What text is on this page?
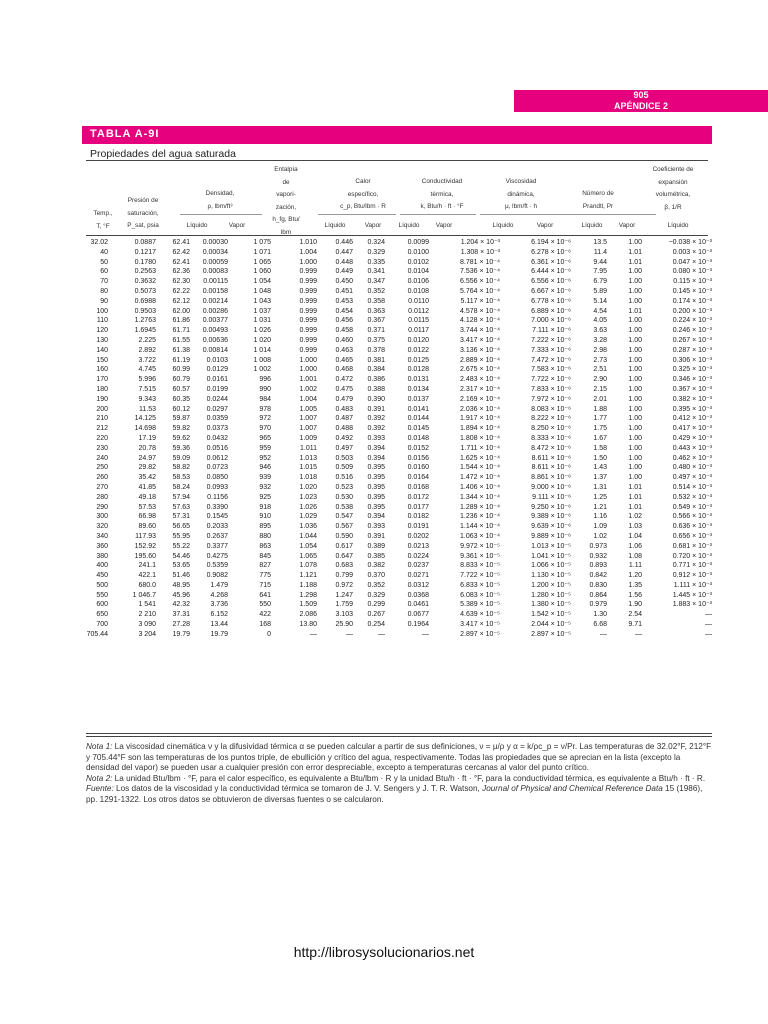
905
APÉNDICE 2
TABLA A-9I
Propiedades del agua saturada
Temp.,
T, °F
Presión de
saturación,
P_sat, psia
Densidad,
ρ, lbm/ft³
Entalpía
de
vapori-
zación,
h_fg, Btu/
lbm
Calor
específico,
c_p, Btu/lbm · R
Conductividad
térmica,
k, Btu/h · ft · °F
Viscosidad
dinámica,
μ, lbm/ft · h
Número de
Prandtl, Pr
Coeficiente de
expansión
volumétrica,
β, 1/R
Líquido	Vapor	Líquido	Vapor	Líquido	Vapor	Líquido	Vapor	Líquido	Vapor	Líquido
32.02	0.0887	62.41	0.00030	1 075	1.010	0.446	0.324	0.0099	1.204 × 10⁻³	6.194 × 10⁻⁶	13.5	1.00	−0.038 × 10⁻³
40	0.1217	62.42	0.00034	1 071	1.004	0.447	0.329	0.0100	1.308 × 10⁻³	6.278 × 10⁻⁶	11.4	1.01	0.003 × 10⁻³
50	0.1780	62.41	0.00059	1 065	1.000	0.448	0.335	0.0102	8.781 × 10⁻⁴	6.361 × 10⁻⁶	9.44	1.01	0.047 × 10⁻³
60	0.2563	62.36	0.00083	1 060	0.999	0.449	0.341	0.0104	7.536 × 10⁻⁴	6.444 × 10⁻⁶	7.95	1.00	0.080 × 10⁻³
70	0.3632	62.30	0.00115	1 054	0.999	0.450	0.347	0.0106	6.556 × 10⁻⁴	6.556 × 10⁻⁶	6.79	1.00	0.115 × 10⁻³
80	0.5073	62.22	0.00158	1 048	0.999	0.451	0.352	0.0108	5.764 × 10⁻⁴	6.667 × 10⁻⁶	5.89	1.00	0.145 × 10⁻³
90	0.6988	62.12	0.00214	1 043	0.999	0.453	0.358	0.0110	5.117 × 10⁻⁴	6.778 × 10⁻⁶	5.14	1.00	0.174 × 10⁻³
100	0.9503	62.00	0.00286	1 037	0.999	0.454	0.363	0.0112	4.578 × 10⁻⁴	6.889 × 10⁻⁶	4.54	1.01	0.200 × 10⁻³
110	1.2763	61.86	0.00377	1 031	0.999	0.456	0.367	0.0115	4.128 × 10⁻⁴	7.000 × 10⁻⁶	4.05	1.00	0.224 × 10⁻³
120	1.6945	61.71	0.00493	1 026	0.999	0.458	0.371	0.0117	3.744 × 10⁻⁴	7.111 × 10⁻⁶	3.63	1.00	0.246 × 10⁻³
130	2.225	61.55	0.00636	1 020	0.999	0.460	0.375	0.0120	3.417 × 10⁻⁴	7.222 × 10⁻⁶	3.28	1.00	0.267 × 10⁻³
140	2.892	61.38	0.00814	1 014	0.999	0.463	0.378	0.0122	3.136 × 10⁻⁴	7.333 × 10⁻⁶	2.98	1.00	0.287 × 10⁻³
150	3.722	61.19	0.0103	1 008	1.000	0.465	0.381	0.0125	2.889 × 10⁻⁴	7.472 × 10⁻⁶	2.73	1.00	0.306 × 10⁻³
160	4.745	60.99	0.0129	1 002	1.000	0.468	0.384	0.0128	2.675 × 10⁻⁴	7.583 × 10⁻⁶	2.51	1.00	0.325 × 10⁻³
170	5.996	60.79	0.0161	996	1.001	0.472	0.386	0.0131	2.483 × 10⁻⁴	7.722 × 10⁻⁶	2.90	1.00	0.346 × 10⁻³
180	7.515	60.57	0.0199	990	1.002	0.475	0.388	0.0134	2.317 × 10⁻⁴	7.833 × 10⁻⁶	2.15	1.00	0.367 × 10⁻³
190	9.343	60.35	0.0244	984	1.004	0.479	0.390	0.0137	2.169 × 10⁻⁴	7.972 × 10⁻⁶	2.01	1.00	0.382 × 10⁻³
200	11.53	60.12	0.0297	978	1.005	0.483	0.391	0.0141	2.036 × 10⁻⁴	8.083 × 10⁻⁶	1.88	1.00	0.395 × 10⁻³
210	14.125	59.87	0.0359	972	1.007	0.487	0.392	0.0144	1.917 × 10⁻⁴	8.222 × 10⁻⁶	1.77	1.00	0.412 × 10⁻³
212	14.698	59.82	0.0373	970	1.007	0.488	0.392	0.0145	1.894 × 10⁻⁴	8.250 × 10⁻⁶	1.75	1.00	0.417 × 10⁻³
220	17.19	59.62	0.0432	965	1.009	0.492	0.393	0.0148	1.808 × 10⁻⁴	8.333 × 10⁻⁶	1.67	1.00	0.429 × 10⁻³
230	20.78	59.36	0.0516	959	1.011	0.497	0.394	0.0152	1.711 × 10⁻⁴	8.472 × 10⁻⁶	1.58	1.00	0.443 × 10⁻³
240	24.97	59.09	0.0612	952	1.013	0.503	0.394	0.0156	1.625 × 10⁻⁴	8.611 × 10⁻⁶	1.50	1.00	0.462 × 10⁻³
250	29.82	58.82	0.0723	946	1.015	0.509	0.395	0.0160	1.544 × 10⁻⁴	8.611 × 10⁻⁶	1.43	1.00	0.480 × 10⁻³
260	35.42	58.53	0.0850	939	1.018	0.516	0.395	0.0164	1.472 × 10⁻⁴	8.861 × 10⁻⁶	1.37	1.00	0.497 × 10⁻³
270	41.85	58.24	0.0993	932	1.020	0.523	0.395	0.0168	1.406 × 10⁻⁴	9.000 × 10⁻⁶	1.31	1.01	0.514 × 10⁻³
280	49.18	57.94	0.1156	925	1.023	0.530	0.395	0.0172	1.344 × 10⁻⁴	9.111 × 10⁻⁶	1.25	1.01	0.532 × 10⁻³
290	57.53	57.63	0.3390	918	1.026	0.538	0.395	0.0177	1.289 × 10⁻⁴	9.250 × 10⁻⁶	1.21	1.01	0.549 × 10⁻³
300	66.98	57.31	0.1545	910	1.029	0.547	0.394	0.0182	1.236 × 10⁻⁴	9.389 × 10⁻⁶	1.16	1.02	0.566 × 10⁻³
320	89.60	56.65	0.2033	895	1.036	0.567	0.393	0.0191	1.144 × 10⁻⁴	9.639 × 10⁻⁶	1.09	1.03	0.636 × 10⁻³
340	117.93	55.95	0.2637	880	1.044	0.590	0.391	0.0202	1.063 × 10⁻⁴	9.889 × 10⁻⁶	1.02	1.04	0.656 × 10⁻³
360	152.92	55.22	0.3377	863	1.054	0.617	0.389	0.0213	9.972 × 10⁻⁵	1.013 × 10⁻⁵	0.973	1.06	0.681 × 10⁻³
380	195.60	54.46	0.4275	845	1.065	0.647	0.385	0.0224	9.361 × 10⁻⁵	1.041 × 10⁻⁵	0.932	1.08	0.720 × 10⁻³
400	241.1	53.65	0.5359	827	1.078	0.683	0.382	0.0237	8.833 × 10⁻⁵	1.066 × 10⁻⁵	0.893	1.11	0.771 × 10⁻³
450	422.1	51.46	0.9082	775	1.121	0.799	0.370	0.0271	7.722 × 10⁻⁵	1.130 × 10⁻⁵	0.842	1.20	0.912 × 10⁻³
500	680.0	48.95	1.479	715	1.188	0.972	0.352	0.0312	6.833 × 10⁻⁵	1.200 × 10⁻⁵	0.830	1.35	1.111 × 10⁻³
550	1 046.7	45.96	4.268	641	1.298	1.247	0.329	0.0368	6.083 × 10⁻⁵	1.280 × 10⁻⁵	0.864	1.56	1.445 × 10⁻³
600	1 541	42.32	3.736	550	1.509	1.759	0.299	0.0461	5.389 × 10⁻⁵	1.380 × 10⁻⁵	0.979	1.90	1.883 × 10⁻³
650	2 210	37.31	6.152	422	2.086	3.103	0.267	0.0677	4.639 × 10⁻⁵	1.542 × 10⁻⁵	1.30	2.54	—
700	3 090	27.28	13.44	168	13.80	25.90	0.254	0.1964	3.417 × 10⁻⁵	2.044 × 10⁻⁵	6.68	9.71	—
705.44	3 204	19.79	19.79	0	—	—	—	—	2.897 × 10⁻⁵	2.897 × 10⁻⁵	—	—	—

Nota 1: La viscosidad cinemática ν y la difusividad térmica α se pueden calcular a partir de sus definiciones, ν = μ/ρ y α = k/ρc_p = ν/Pr. Las temperaturas de 32.02°F, 212°F y 705.44°F son las temperaturas de los puntos triple, de ebullición y crítico del agua, respectivamente. Todas las propiedades que se aprecian en la lista (excepto la densidad del vapor) se pueden usar a cualquier presión con error despreciable, excepto a temperaturas cercanas al valor del punto crítico.

Nota 2: La unidad Btu/lbm · °F, para el calor específico, es equivalente a Btu/lbm · R y la unidad Btu/h · ft · °F, para la conductividad térmica, es equivalente a Btu/h · ft · R.

Fuente: Los datos de la viscosidad y la conductividad térmica se tomaron de J. V. Sengers y J. T. R. Watson, Journal of Physical and Chemical Reference Data 15 (1986), pp. 1291-1322. Los otros datos se obtuvieron de diversas fuentes o se calcularon.

http://librosysolucionarios.net
